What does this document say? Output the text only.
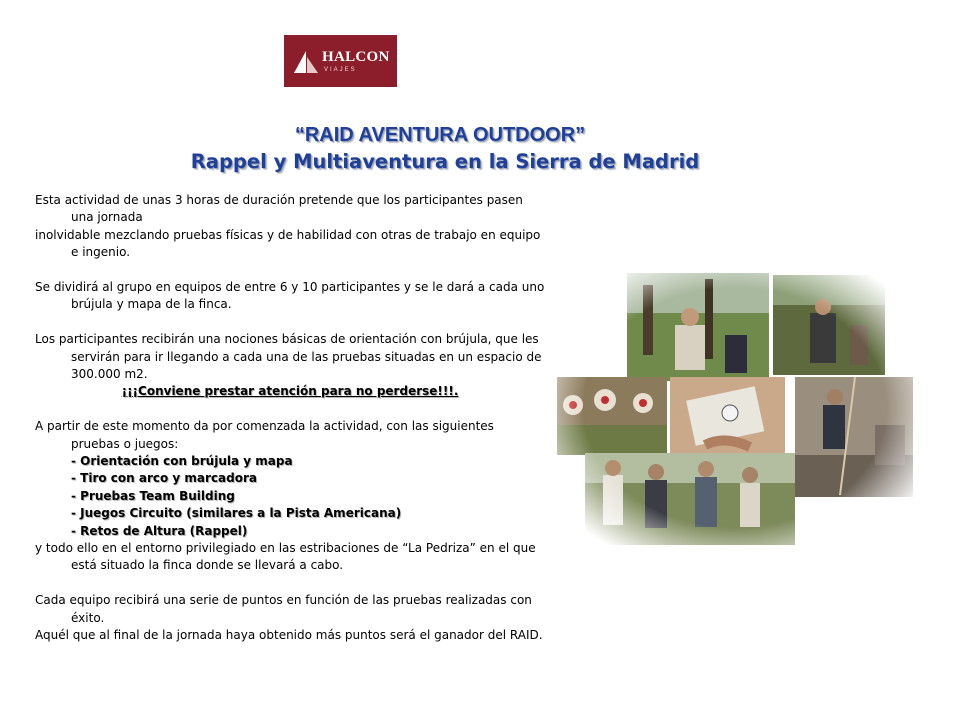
HALCON
VIAJES
“RAID AVENTURA OUTDOOR”
Rappel y Multiaventura en la Sierra de Madrid

Esta actividad de unas 3 horas de duración pretende que los participantes pasen una jornada

inolvidable mezclando pruebas físicas y de habilidad con otras de trabajo en equipo e ingenio.

Se dividirá al grupo en equipos de entre 6 y 10 participantes y se le dará a cada uno brújula y mapa de la finca.

Los participantes recibirán una nociones básicas de orientación con brújula, que les servirán para ir llegando a cada una de las pruebas situadas en un espacio de 300.000 m2.

¡¡¡Conviene prestar atención para no perderse!!!.

A partir de este momento da por comenzada la actividad, con las siguientes pruebas o juegos:

- Orientación con brújula y mapa

- Tiro con arco y marcadora

- Pruebas Team Building

- Juegos Circuito (similares a la Pista Americana)

- Retos de Altura (Rappel)

y todo ello en el entorno privilegiado en las estribaciones de “La Pedriza” en el que está situado la finca donde se llevará a cabo.

Cada equipo recibirá una serie de puntos en función de las pruebas realizadas con éxito.

Aquél que al final de la jornada haya obtenido más puntos será el ganador del RAID.
